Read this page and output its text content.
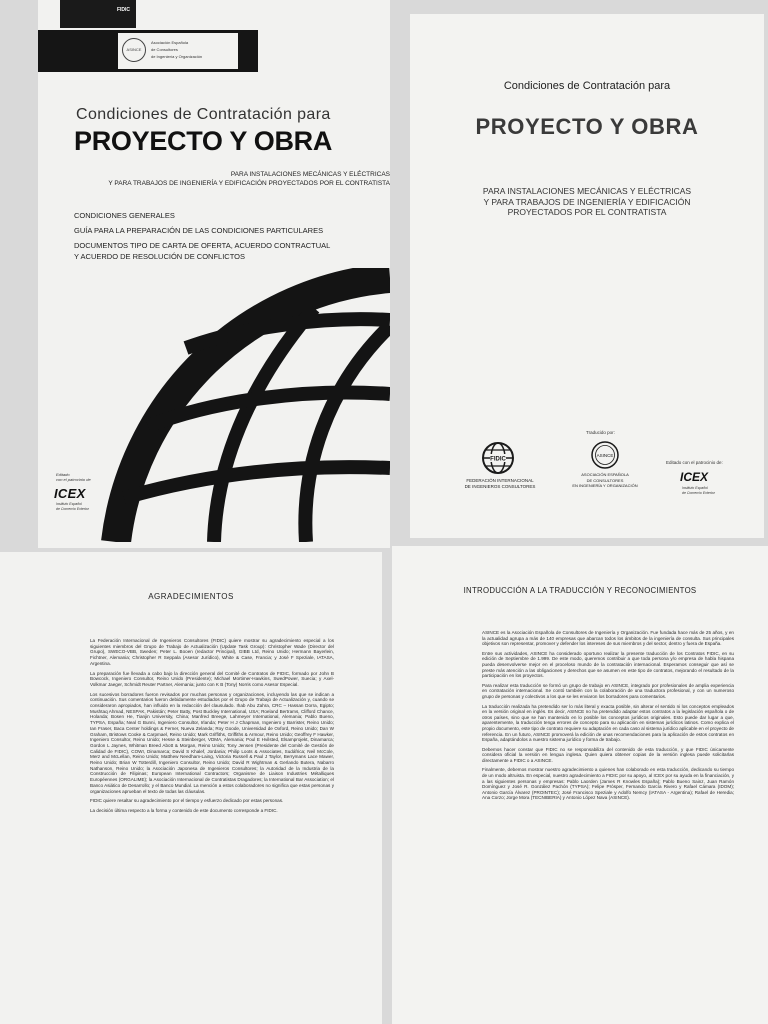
FIDIC
ASINCE
Asociación Española
de Consultores
de Ingeniería y Organización
Condiciones de Contratación para
PROYECTO Y OBRA
PARA INSTALACIONES MECÁNICAS Y ELÉCTRICAS
Y PARA TRABAJOS DE INGENIERÍA Y EDIFICACIÓN PROYECTADOS POR EL CONTRATISTA
CONDICIONES GENERALES
GUÍA PARA LA PREPARACIÓN DE LAS CONDICIONES PARTICULARES
DOCUMENTOS TIPO DE CARTA DE OFERTA, ACUERDO CONTRACTUAL
Y ACUERDO DE RESOLUCIÓN DE CONFLICTOS
Editado
con el patrocinio de
ICEX
Instituto Español
de Comercio Exterior
Condiciones de Contratación para
PROYECTO Y OBRA
PARA INSTALACIONES MECÁNICAS Y ELÉCTRICAS
Y PARA TRABAJOS DE INGENIERÍA Y EDIFICACIÓN
PROYECTADOS POR EL CONTRATISTA
Traducido por:
FIDIC
FEDERACIÓN INTERNACIONAL
DE INGENIEROS CONSULTORES
ASINCE
ASOCIACIÓN ESPAÑOLA
DE CONSULTORES
EN INGENIERÍA Y ORGANIZACIÓN
Editado con el patrocinio de:
ICEX
Instituto Español
de Comercio Exterior
AGRADECIMIENTOS

La Federación Internacional de Ingenieros Consultores (FIDIC) quiere mostrar su agradecimiento especial a los siguientes miembros del Grupo de Trabajo de Actualización (Update Task Group): Christopher Wade (Director del Grupo), SWECO-VBB, Sweden; Peter L. Booen (redactor Principal), GIBB Ltd, Reino Unido; Hermann Bayerlein, Fichtner, Alemania; Christopher R Seppala (Asesor Jurídico), White & Case, Francia; y José F Speziale, IATASA, Argentina.

La preparación fue llevada a cabo bajo la dirección general del Comité de Contratos de FIDIC, formado por John B Bowcock, Ingeniero Consultor, Reino Unido (Presidente); Michael Mortimer-Hawkins, SwedPower, Suecia; y Axel-Volkmar Jaeger, Schmidt Reuter Partner, Alemania; junto con K B (Tony) Norris como Asesor Especial.

Los sucesivos borradores fueron revisados por muchas personas y organizaciones, incluyendo las que se indican a continuación. Sus comentarios fueron debidamente estudiados por el Grupo de Trabajo de Actualización y, cuando se consideraron apropiados, han influido en la redacción del clausulado. Ihab Abu Zahra, CRC – Hassan Dorra, Egipto; Mushtaq Ahmad, NESPAK, Pakistán; Peter Batty, Post Buckley International, USA; Roeland Bertrams, Clifford Chance, Holanda; Bosen He, Tianjin University, China; Manfred Breege, Lahmeyer International, Alemania; Pablo Bueno, TYPSA, España; Neal G Bunni, Ingeniero Consultor, Irlanda; Peter H J Chapman, Ingeniero y Barrister, Reino Unido; Ian Fraser, Baca Center holdings & Ferner, Nueva Zelanda; Roy Goode, Universidad de Oxford, Reino Unido; Dan W Graham, Bristows Cooke & Carpmael, Reino Unido; Mark Griffiths, Griffiths & Armour, Reino Unido; Geoffrey F Hawker, Ingeniero Consultor, Reino Unido; Hesse & Steinberger, VDMA, Alemania; Poul E Hvilsted, Elsamprojekt, Dinamarca; Gordon L Jaynes, Whitman Breed Abott & Morgan, Reino Unido; Tony Jensen (Presidente del Comité de Gestión de Calidad de FIDIC), COWI, Dinamarca; David S Khalef, Jordania; Philip Loots & Associates, Sudáfrica; Neil McCole, Merz and McLellan, Reino Unido; Matthew Needham-Laing, Victoria Russell & Paul J Taylor, Berrymans Lace Mawer, Reino Unido; Brian W Totterdill, Ingeniero Consultor, Reino Unido; David R Wightman & Gerlando Butera, Nabarro Nathanson, Reino Unido; la Asociación Japonesa de Ingenieros Consultores; la Autoridad de la Industria de la Construcción de Filipinas; European International Contractors; Organisme de Liaison Industries Métalliques Européennes (ORGALIME); la Asociación Internacional de Contratistas Dragadores; la International Bar Association; el Banco Asiático de Desarrollo; y el Banco Mundial. La mención a estos colaboradores no significa que estas personas y organizaciones aprueban el texto de todas las cláusulas.

FIDIC quiere resaltar su agradecimiento por el tiempo y esfuerzo dedicado por estas personas.

La decisión última respecto a la forma y contenido de este documento corresponde a FIDIC.

INTRODUCCIÓN A LA TRADUCCIÓN Y RECONOCIMIENTOS

ASINCE es la Asociación Española de Consultores de Ingeniería y Organización. Fue fundada hace más de 25 años, y en la actualidad agrupa a más de 140 empresas que abarcan todos los ámbitos de la ingeniería de consulta. Sus principales objetivos son representar, promover y defender los intereses de sus miembros y del sector, dentro y fuera de España.

Entre sus actividades, ASINCE ha considerado oportuno realizar la presente traducción de los Contratos FIDIC, en su edición de Septiembre de 1.999. De este modo, queremos contribuir a que toda persona y/o empresa de habla hispana pueda desenvolverse mejor en el proceloso mundo de la contratación internacional. Esperamos conseguir que así se preste más atención a las obligaciones y derechos que se asumen en este tipo de contratos, mejorando el resultado de la participación en los proyectos.

Para realizar esta traducción se formó un grupo de trabajo en ASINCE, integrado por profesionales de amplia experiencia en contratación internacional. Se contó también con la colaboración de una traductora profesional, y con un numeroso grupo de personas y colectivos a los que se les enviaron los borradores para comentarios.

La traducción realizada ha pretendido ser lo más literal y exacta posible, sin alterar el sentido ni los conceptos empleados en la versión original en inglés. Es decir, ASINCE no ha pretendido adaptar estos contratos a la legislación española o de otros países, sino que se han mantenido en lo posible los conceptos jurídicos originales. Esto puede dar lugar a que, aparentemente, la traducción tenga errores de concepto para su aplicación en sistemas jurídicos latinos. Como explica el propio documento, este tipo de contrato requiere su adaptación en cada caso al sistema jurídico aplicable en el proyecto de referencia. En un futuro, ASINCE promoverá la edición de unas recomendaciones para la aplicación de estos contratos en España, adaptándolos a nuestro sistema jurídico y forma de trabajo.

Debemos hacer constar que FIDIC no se responsabiliza del contenido de esta traducción, y que FIDIC únicamente considera oficial la versión en lengua inglesa. Quien quiera obtener copias de la versión inglesa puede solicitarlas directamente a FIDIC o a ASINCE.

Finalmente, debemos mostrar nuestro agradecimiento a quienes han colaborado en esta traducción, dedicando su tiempo de un modo altruista. En especial, nuestro agradecimiento a FIDIC por su apoyo, al ICEX por su ayuda en la financiación, y a las siguientes personas y empresas: Pablo Laorden (James R Knowles España); Pablo Bueno Sainz, Juan Ramón Domínguez y José R. González Pachón (TYPSA); Felipe Prósper, Fernando García Rivero y Rafael Cámara (IDOM); Antonio García Álvarez (PROINTEC); José Francisco Speziale y Adolfo Nemcy (IATASA - Argentina); Rafael de Heredia; Ana Corzo; Jorge Mora (TECNIBERIA) y Antonio López Nava (ASINCE).
